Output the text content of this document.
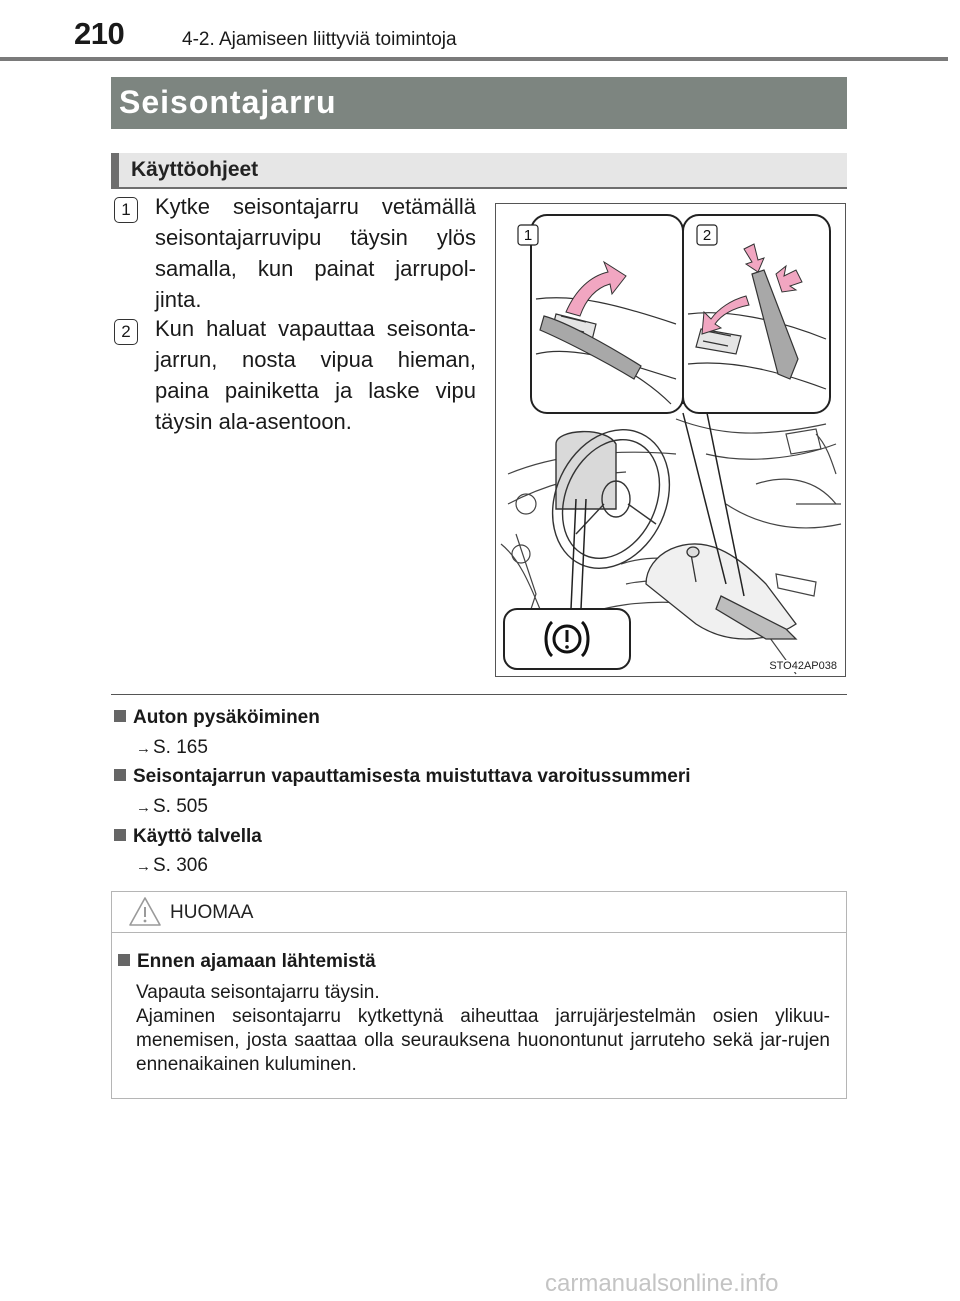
210	4-2. Ajamiseen liittyviä toimintoja
Seisontajarru
Käyttöohjeet
1	Kytke seisontajarru vetämällä seisontajarruvipu täysin ylös samalla, kun painat jarrupol-jinta.
2	Kun haluat vapauttaa seisonta-jarrun, nosta vipua hieman, paina painiketta ja laske vipu täysin ala-asentoon.
1	2
STO42AP038
Auton pysäköiminen
→ S. 165
Seisontajarrun vapauttamisesta muistuttava varoitussummeri
→ S. 505
Käyttö talvella
→ S. 306
HUOMAA
Ennen ajamaan lähtemistä

Vapauta seisontajarru täysin.

Ajaminen seisontajarru kytkettynä aiheuttaa jarrujärjestelmän osien ylikuu-menemisen, josta saattaa olla seurauksena huonontunut jarruteho sekä jar-rujen ennenaikainen kuluminen.

carmanualsonline.info
